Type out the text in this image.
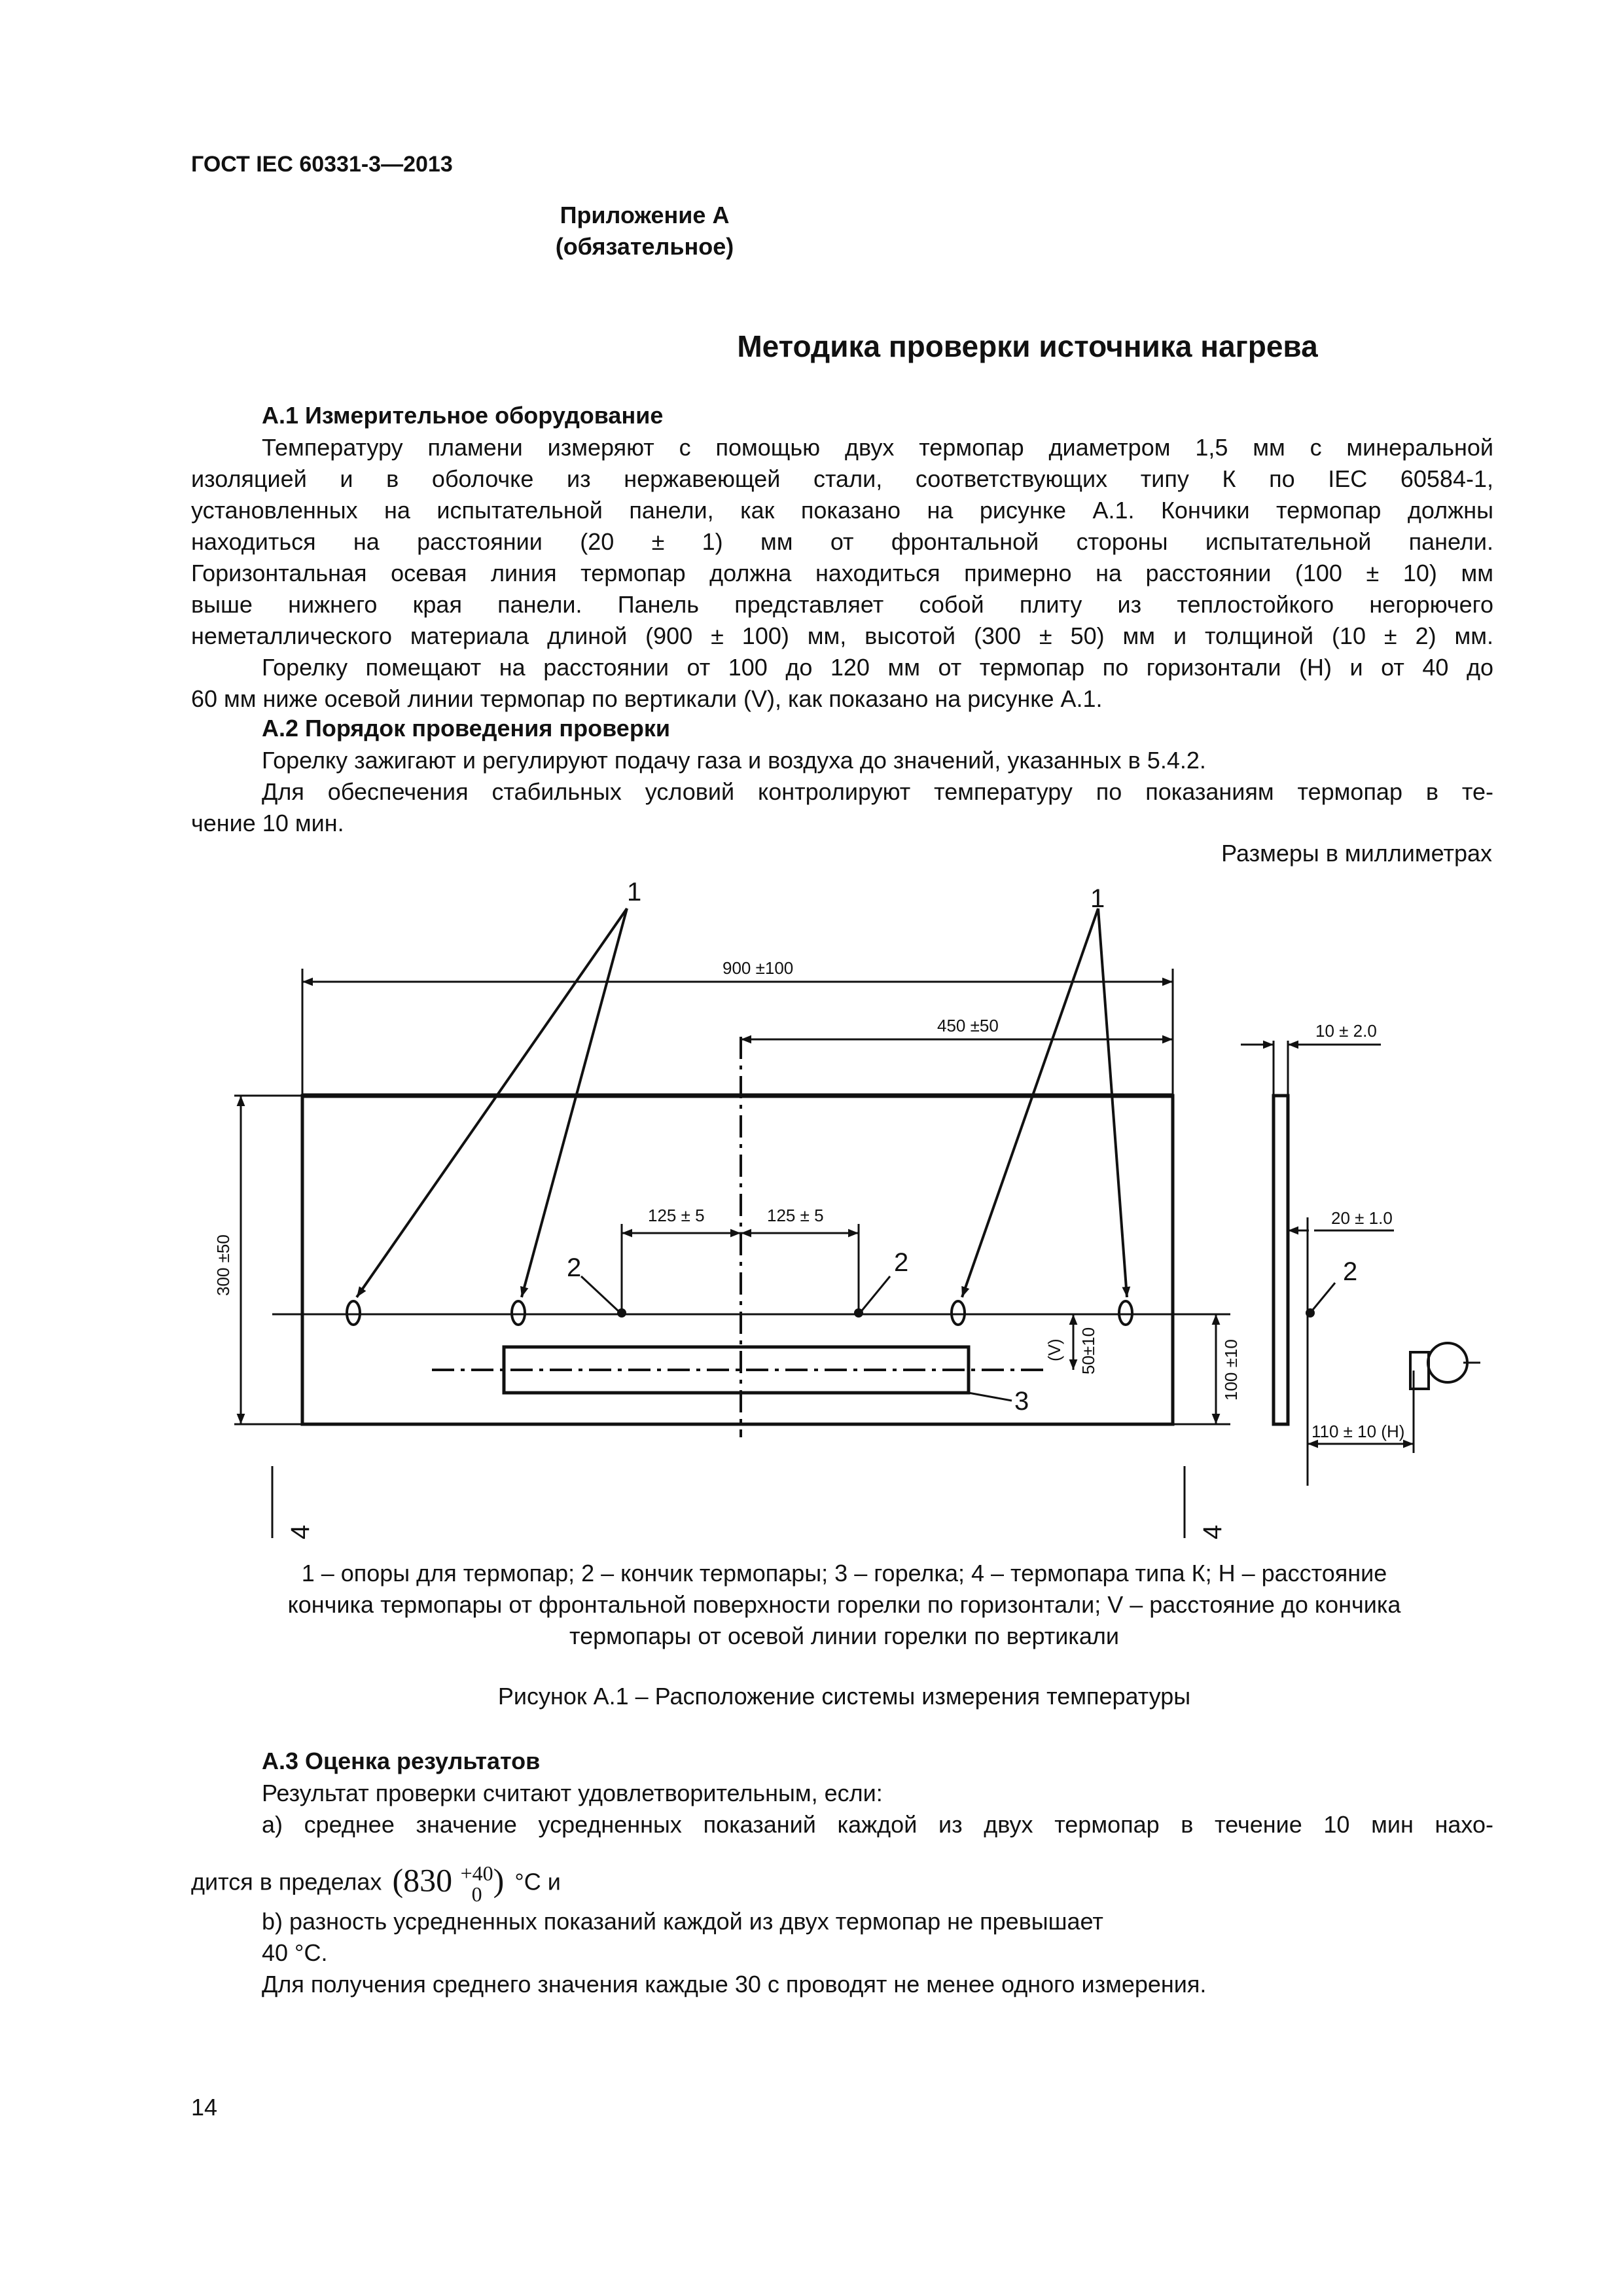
ГОСТ IEC 60331-3—2013
Приложение А
(обязательное)
Методика проверки источника нагрева
А.1 Измерительное оборудование
Температуру пламени измеряют с помощью двух термопар диаметром 1,5 мм с минеральной
изоляцией и в оболочке из нержавеющей стали, соответствующих типу К по IEC 60584-1,
установленных на испытательной панели, как показано на рисунке А.1. Кончики термопар должны
находиться на расстоянии (20 ± 1) мм от фронтальной стороны испытательной панели.
Горизонтальная осевая линия термопар должна находиться примерно на расстоянии (100 ± 10) мм
выше нижнего края панели. Панель представляет собой плиту из теплостойкого негорючего
неметаллического материала длиной (900 ± 100) мм, высотой (300 ± 50) мм и толщиной (10 ± 2) мм.
Горелку помещают на расстоянии от 100 до 120 мм от термопар по горизонтали (H) и от 40 до
60 мм ниже осевой линии термопар по вертикали (V), как показано на рисунке А.1.
А.2 Порядок проведения проверки
Горелку зажигают и регулируют подачу газа и воздуха до значений, указанных в 5.4.2.
Для обеспечения стабильных условий контролируют температуру по показаниям термопар в те-
чение 10 мин.
Размеры в миллиметрах
900 ±100
450 ±50
300 ±50
125 ± 5	125 ± 5
100 ±10
50±10
(V)
10 ± 2.0
20 ± 1.0
110 ± 10 (H)
1	1
2	2	2
3
4	4
1 – опоры для термопар; 2 – кончик термопары; 3 – горелка; 4 – термопара типа К; H – расстояние
кончика термопары от фронтальной поверхности горелки по горизонтали; V – расстояние до кончика
термопары от осевой линии горелки по вертикали
Рисунок А.1 – Расположение системы измерения температуры
А.3 Оценка результатов
Результат проверки считают удовлетворительным, если:
a) среднее значение усредненных показаний каждой из двух термопар в течение 10 мин нахо-
дится в пределах (830 +40
0 ) °C и
b) разность усредненных показаний каждой из двух термопар не превышает
40 °C.
Для получения среднего значения каждые 30 с проводят не менее одного измерения.
14
